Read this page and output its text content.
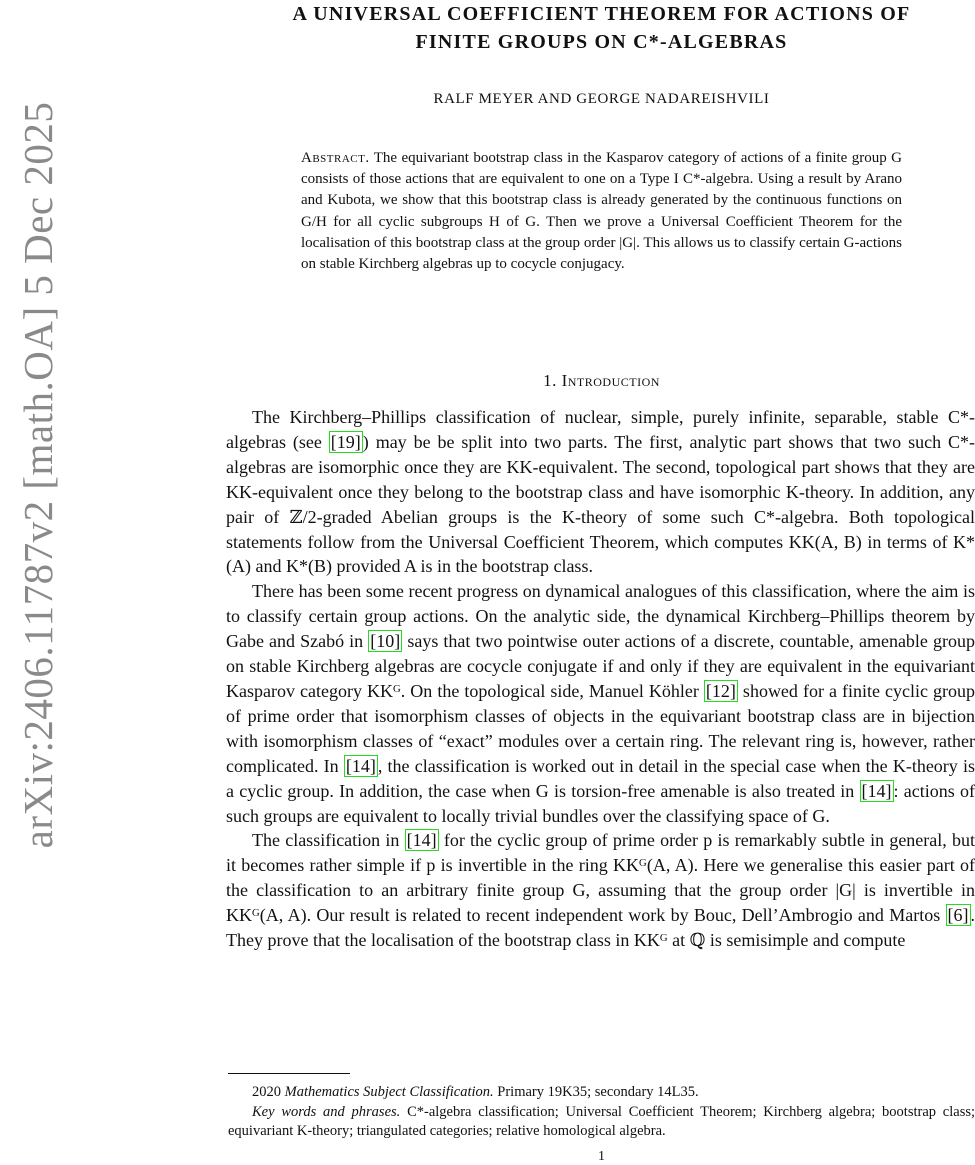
arXiv:2406.11787v2 [math.OA] 5 Dec 2025
A UNIVERSAL COEFFICIENT THEOREM FOR ACTIONS OF
FINITE GROUPS ON C*-ALGEBRAS
RALF MEYER AND GEORGE NADAREISHVILI
Abstract. The equivariant bootstrap class in the Kasparov category of actions of a finite group G consists of those actions that are equivalent to one on a Type I C*-algebra. Using a result by Arano and Kubota, we show that this bootstrap class is already generated by the continuous functions on G/H for all cyclic subgroups H of G. Then we prove a Universal Coefficient Theorem for the localisation of this bootstrap class at the group order |G|. This allows us to classify certain G-actions on stable Kirchberg algebras up to cocycle conjugacy.
1. Introduction

The Kirchberg–Phillips classification of nuclear, simple, purely infinite, separable, stable C*-algebras (see [19] ) may be be split into two parts. The first, analytic part shows that two such C*-algebras are isomorphic once they are KK-equivalent. The second, topological part shows that they are KK-equivalent once they belong to the bootstrap class and have isomorphic K-theory. In addition, any pair of ℤ/2-graded Abelian groups is the K-theory of some such C*-algebra. Both topological statements follow from the Universal Coefficient Theorem, which computes KK(A, B) in terms of K*(A) and K*(B) provided A is in the bootstrap class.

There has been some recent progress on dynamical analogues of this classification, where the aim is to classify certain group actions. On the analytic side, the dynamical Kirchberg–Phillips theorem by Gabe and Szabó in [10] says that two pointwise outer actions of a discrete, countable, amenable group on stable Kirchberg algebras are cocycle conjugate if and only if they are equivalent in the equivariant Kasparov category KKᴳ. On the topological side, Manuel Köhler [12] showed for a finite cyclic group of prime order that isomorphism classes of objects in the equivariant bootstrap class are in bijection with isomorphism classes of “exact” modules over a certain ring. The relevant ring is, however, rather complicated. In [14] , the classification is worked out in detail in the special case when the K-theory is a cyclic group. In addition, the case when G is torsion-free amenable is also treated in [14] : actions of such groups are equivalent to locally trivial bundles over the classifying space of G.

The classification in [14] for the cyclic group of prime order p is remarkably subtle in general, but it becomes rather simple if p is invertible in the ring KKᴳ(A, A). Here we generalise this easier part of the classification to an arbitrary finite group G, assuming that the group order |G| is invertible in KKᴳ(A, A). Our result is related to recent independent work by Bouc, Dell’Ambrogio and Martos [6] . They prove that the localisation of the bootstrap class in KKᴳ at ℚ is semisimple and compute

2020 Mathematics Subject Classification. Primary 19K35; secondary 14L35.

Key words and phrases. C*-algebra classification; Universal Coefficient Theorem; Kirchberg algebra; bootstrap class; equivariant K-theory; triangulated categories; relative homological algebra.

1
